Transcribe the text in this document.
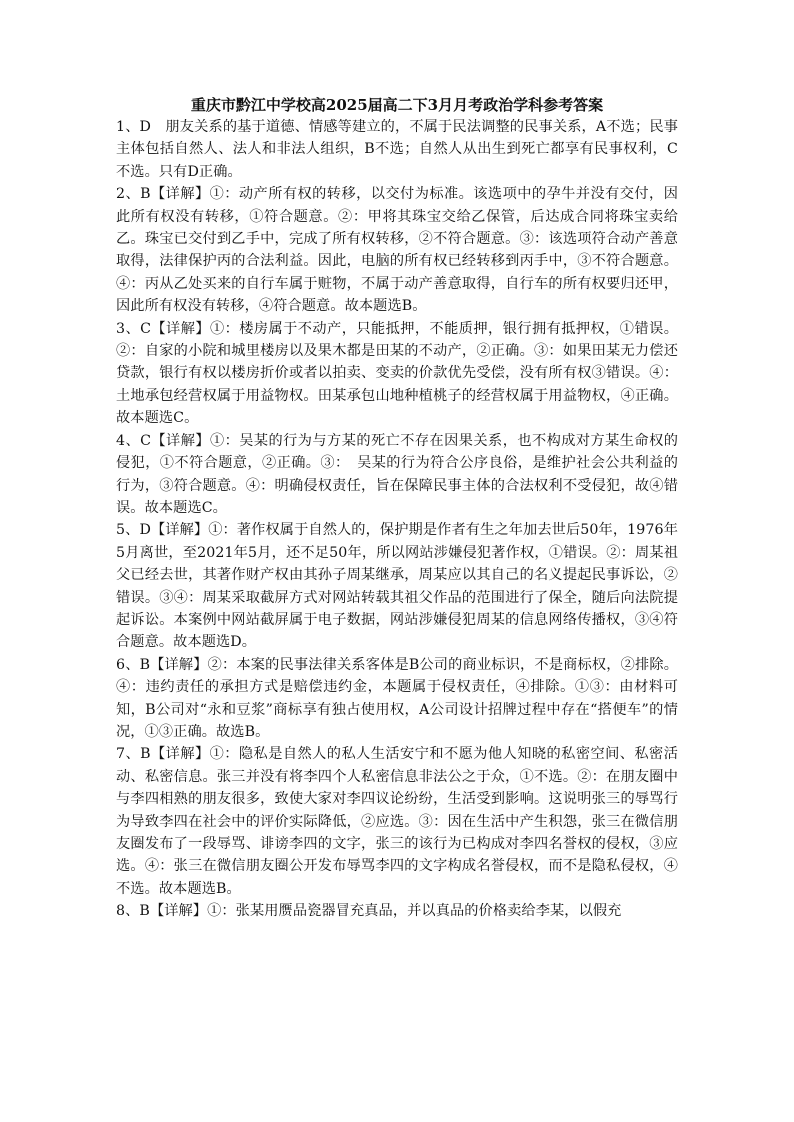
重庆市黔江中学校高2025届高二下3月月考政治学科参考答案

1、D　朋友关系的基于道德、情感等建立的，不属于民法调整的民事关系，A不选；民事主体包括自然人、法人和非法人组织，B不选；自然人从出生到死亡都享有民事权利，C不选。只有D正确。

2、B【详解】①：动产所有权的转移，以交付为标准。该选项中的孕牛并没有交付，因此所有权没有转移，①符合题意。②：甲将其珠宝交给乙保管，后达成合同将珠宝卖给乙。珠宝已交付到乙手中，完成了所有权转移，②不符合题意。③：该选项符合动产善意取得，法律保护丙的合法利益。因此，电脑的所有权已经转移到丙手中，③不符合题意。④：丙从乙处买来的自行车属于赃物，不属于动产善意取得，自行车的所有权要归还甲，因此所有权没有转移，④符合题意。故本题选B。

3、C【详解】①：楼房属于不动产，只能抵押，不能质押，银行拥有抵押权，①错误。②：自家的小院和城里楼房以及果木都是田某的不动产，②正确。③：如果田某无力偿还贷款，银行有权以楼房折价或者以拍卖、变卖的价款优先受偿，没有所有权③错误。④：土地承包经营权属于用益物权。田某承包山地种植桃子的经营权属于用益物权，④正确。故本题选C。

4、C【详解】①：吴某的行为与方某的死亡不存在因果关系，也不构成对方某生命权的侵犯，①不符合题意，②正确。③：　吴某的行为符合公序良俗，是维护社会公共利益的行为，③符合题意。④：明确侵权责任，旨在保障民事主体的合法权利不受侵犯，故④错误。故本题选C。

5、D【详解】①：著作权属于自然人的，保护期是作者有生之年加去世后50年，1976年5月离世，至2021年5月，还不足50年，所以网站涉嫌侵犯著作权，①错误。②：周某祖父已经去世，其著作财产权由其孙子周某继承，周某应以其自己的名义提起民事诉讼，②错误。③④：周某采取截屏方式对网站转载其祖父作品的范围进行了保全，随后向法院提起诉讼。本案例中网站截屏属于电子数据，网站涉嫌侵犯周某的信息网络传播权，③④符合题意。故本题选D。

6、B【详解】②：本案的民事法律关系客体是B公司的商业标识，不是商标权，②排除。④：违约责任的承担方式是赔偿违约金，本题属于侵权责任，④排除。①③：由材料可知，B公司对“永和豆浆”商标享有独占使用权，A公司设计招牌过程中存在“搭便车”的情况，①③正确。故选B。

7、B【详解】①：隐私是自然人的私人生活安宁和不愿为他人知晓的私密空间、私密活动、私密信息。张三并没有将李四个人私密信息非法公之于众，①不选。②：在朋友圈中与李四相熟的朋友很多，致使大家对李四议论纷纷，生活受到影响。这说明张三的辱骂行为导致李四在社会中的评价实际降低，②应选。③：因在生活中产生积怨，张三在微信朋友圈发布了一段辱骂、诽谤李四的文字，张三的该行为已构成对李四名誉权的侵权，③应选。④：张三在微信朋友圈公开发布辱骂李四的文字构成名誉侵权，而不是隐私侵权，④不选。故本题选B。

8、B【详解】①：张某用赝品瓷器冒充真品，并以真品的价格卖给李某，以假充
